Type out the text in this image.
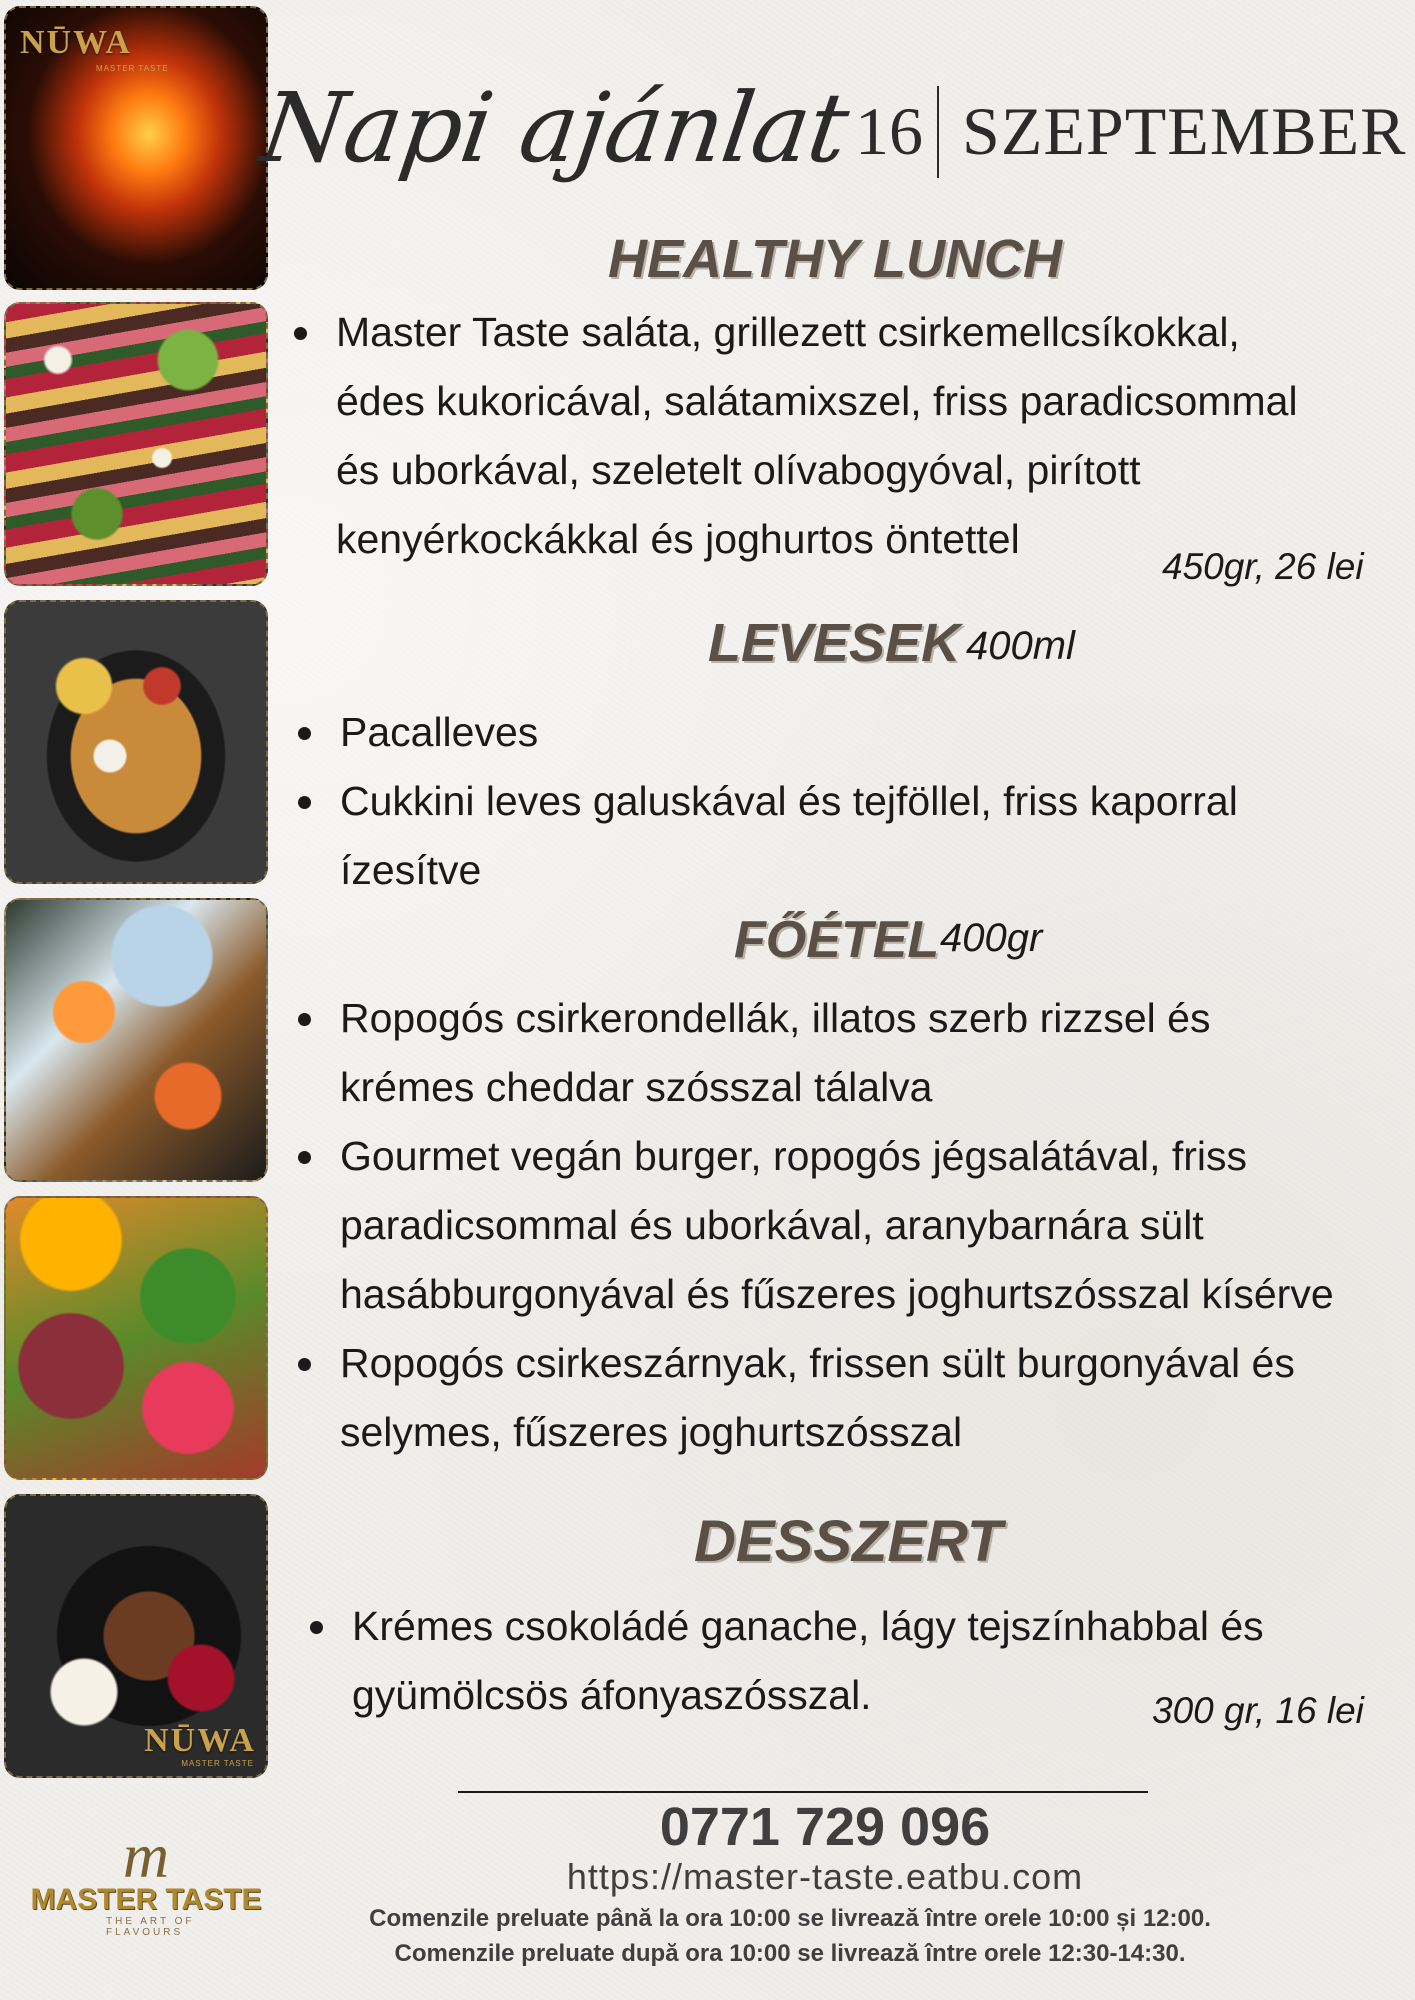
NŪWA
MASTER TASTE
NŪWA
MASTER TASTE
Napi ajánlat 16 SZEPTEMBER
HEALTHY LUNCH
Master Taste saláta, grillezett csirkemellcsíkokkal,
édes kukoricával, salátamixszel, friss paradicsommal
és uborkával, szeletelt olívabogyóval, pirított
kenyérkockákkal és joghurtos öntettel
450gr, 26 lei
LEVESEK 400ml
Pacalleves
Cukkini leves galuskával és tejföllel, friss kaporral
ízesítve
FŐÉTEL 400gr
Ropogós csirkerondellák, illatos szerb rizzsel és
krémes cheddar szósszal tálalva
Gourmet vegán burger, ropogós jégsalátával, friss
paradicsommal és uborkával, aranybarnára sült
hasábburgonyával és fűszeres joghurtszósszal kísérve
Ropogós csirkeszárnyak, frissen sült burgonyával és
selymes, fűszeres joghurtszósszal
DESSZERT
Krémes csokoládé ganache, lágy tejszínhabbal és
gyümölcsös áfonyaszósszal.	300 gr, 16 lei
0771 729 096
https://master-taste.eatbu.com
Comenzile preluate până la ora 10:00 se livrează între orele 10:00 și 12:00.
Comenzile preluate după ora 10:00 se livrează între orele 12:30-14:30.
m
MASTER TASTE
THE ART OF FLAVOURS
